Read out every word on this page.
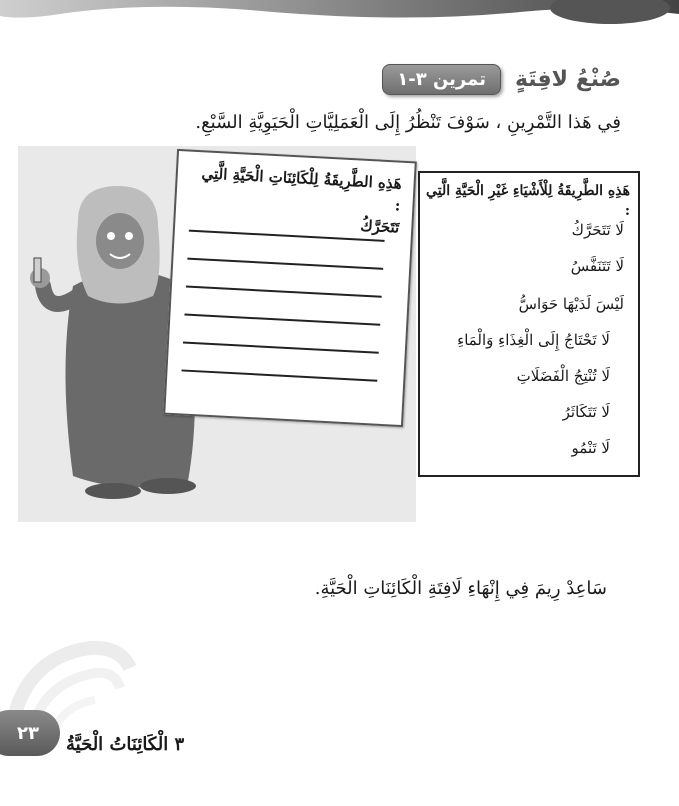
تمرين ٣-١	صُنْعُ لافِتَةٍ
فِي هَذا التَّمْرِينِ ، سَوْفَ تَنْظُرُ إِلَى الْعَمَلِيَّاتِ الْحَيَوِيَّةِ السَّبْعِ.
هَذِهِ الطَّرِيقَةُ لِلْكَائِنَاتِ الْحَيَّةِ الَّتِي :
تَتَحَرَّكُ
هَذِهِ الطَّرِيقَةُ لِلْأَشْيَاءِ غَيْرِ الْحَيَّةِ الَّتِي :
لَا تَتَحَرَّكُ
لَا تَتَنَفَّسُ
لَيْسَ لَدَيْهَا حَوَاسُّ
لَا تَحْتَاجُ إِلَى الْغِذَاءِ وَالْمَاءِ
لَا تُنْتِجُ الْفَضَلَاتِ
لَا تَتَكَاثَرُ
لَا تَنْمُو
سَاعِدْ رِيمَ فِي إِنْهَاءِ لَافِتَةِ الْكَائِنَاتِ الْحَيَّةِ.
٢٣
٣ الْكَائِنَاتُ الْحَيَّةُ
